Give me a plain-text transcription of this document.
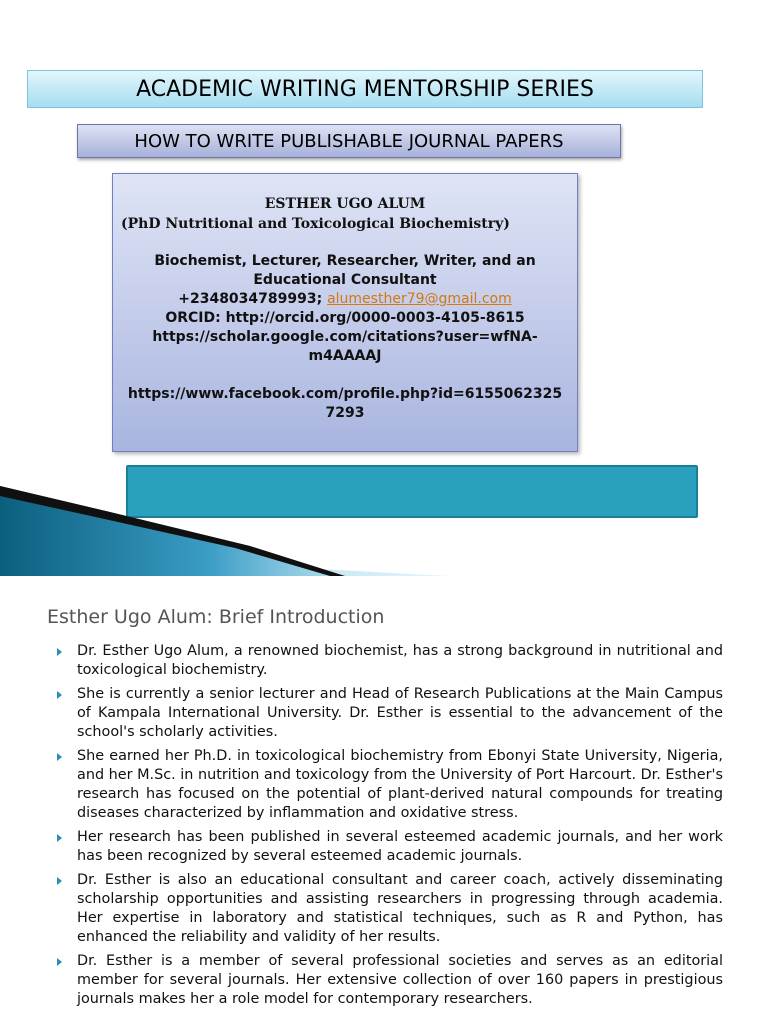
ACADEMIC WRITING MENTORSHIP SERIES
HOW TO WRITE PUBLISHABLE JOURNAL PAPERS
ESTHER UGO ALUM
(PhD Nutritional and Toxicological Biochemistry)
Biochemist, Lecturer, Researcher, Writer, and an
Educational Consultant
+2348034789993; alumesther79@gmail.com
ORCID: http://orcid.org/0000-0003-4105-8615
https://scholar.google.com/citations?user=wfNA-
m4AAAAJ
https://www.facebook.com/profile.php?id=6155062325
7293
Esther Ugo Alum: Brief Introduction
Dr. Esther Ugo Alum, a renowned biochemist, has a strong background in nutritional and toxicological biochemistry.
She is currently a senior lecturer and Head of Research Publications at the Main Campus of Kampala International University. Dr. Esther is essential to the advancement of the school's scholarly activities.
She earned her Ph.D. in toxicological biochemistry from Ebonyi State University, Nigeria, and her M.Sc. in nutrition and toxicology from the University of Port Harcourt. Dr. Esther's research has focused on the potential of plant-derived natural compounds for treating diseases characterized by inflammation and oxidative stress.
Her research has been published in several esteemed academic journals, and her work has been recognized by several esteemed academic journals.
Dr. Esther is also an educational consultant and career coach, actively disseminating scholarship opportunities and assisting researchers in progressing through academia. Her expertise in laboratory and statistical techniques, such as R and Python, has enhanced the reliability and validity of her results.
Dr. Esther is a member of several professional societies and serves as an editorial member for several journals. Her extensive collection of over 160 papers in prestigious journals makes her a role model for contemporary researchers.
